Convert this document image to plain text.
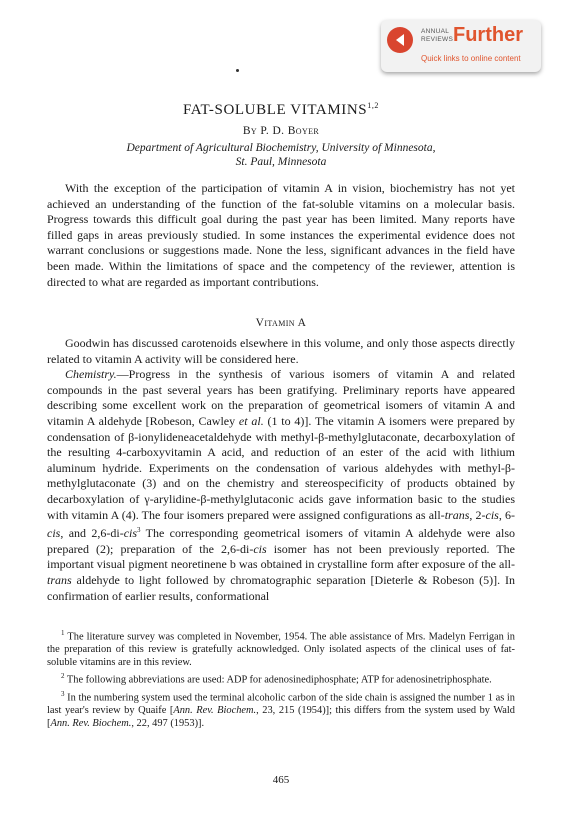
ANNUAL
REVIEWS Further
Quick links to online content
FAT-SOLUBLE VITAMINS$^{1,2}$
By P. D. Boyer
Department of Agricultural Biochemistry, University of Minnesota,
St. Paul, Minnesota

With the exception of the participation of vitamin A in vision, biochemistry has not yet achieved an understanding of the function of the fat-soluble vitamins on a molecular basis. Progress towards this difficult goal during the past year has been limited. Many reports have filled gaps in areas previously studied. In some instances the experimental evidence does not warrant conclusions or suggestions made. None the less, significant advances in the field have been made. Within the limitations of space and the competency of the reviewer, attention is directed to what are regarded as important contributions.

Vitamin A

Goodwin has discussed carotenoids elsewhere in this volume, and only those aspects directly related to vitamin A activity will be considered here.

Chemistry.—Progress in the synthesis of various isomers of vitamin A and related compounds in the past several years has been gratifying. Preliminary reports have appeared describing some excellent work on the preparation of geometrical isomers of vitamin A and vitamin A aldehyde [Robeson, Cawley et al. (1 to 4)]. The vitamin A isomers were prepared by condensation of β-ionylideneacetaldehyde with methyl-β-methylglutaconate, decarboxylation of the resulting 4-carboxyvitamin A acid, and reduction of an ester of the acid with lithium aluminum hydride. Experiments on the condensation of various aldehydes with methyl-β-methylglutaconate (3) and on the chemistry and stereospecificity of products obtained by decarboxylation of γ-arylidine-β-methylglutaconic acids gave information basic to the studies with vitamin A (4). The four isomers prepared were assigned configurations as all-trans, 2-cis, 6-cis, and 2,6-di-cis$^3$ The corresponding geometrical isomers of vitamin A aldehyde were also prepared (2); preparation of the 2,6-di-cis isomer has not been previously reported. The important visual pigment neoretinene b was obtained in crystalline form after exposure of the all-trans aldehyde to light followed by chromatographic separation [Dieterle & Robeson (5)]. In confirmation of earlier results, conformational

$^1$ The literature survey was completed in November, 1954. The able assistance of Mrs. Madelyn Ferrigan in the preparation of this review is gratefully acknowledged. Only isolated aspects of the clinical uses of fat-soluble vitamins are in this review.

$^2$ The following abbreviations are used: ADP for adenosinediphosphate; ATP for adenosinetriphosphate.

$^3$ In the numbering system used the terminal alcoholic carbon of the side chain is assigned the number 1 as in last year's review by Quaife [Ann. Rev. Biochem., 23, 215 (1954)]; this differs from the system used by Wald [Ann. Rev. Biochem., 22, 497 (1953)].

465
